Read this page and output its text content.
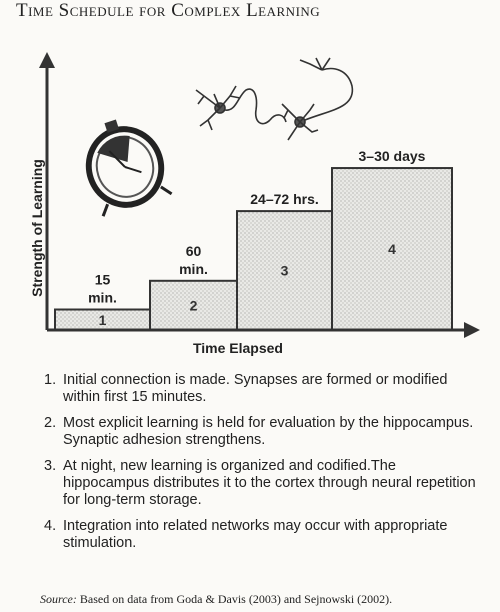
Time Schedule for Complex Learning
1
15
min.	2
60
min.	3
24–72 hrs.
4
3–30 days
Strength of Learning
Time Elapsed
1. Initial connection is made. Synapses are formed or modified within first 15 minutes.
2. Most explicit learning is held for evaluation by the hippocampus. Synaptic adhesion strengthens.
3. At night, new learning is organized and codified.The hippocampus distributes it to the cortex through neural repetition for long-term storage.
4. Integration into related networks may occur with appropriate stimulation.
Source: Based on data from Goda & Davis (2003) and Sejnowski (2002).
